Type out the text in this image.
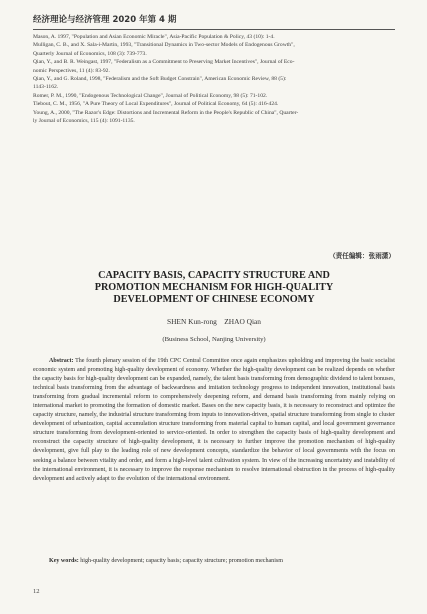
经济理论与经济管理 2020 年第 4 期

Mason, A. 1997, "Population and Asian Economic Miracle", Asia-Pacific Population & Policy, 43 (10): 1-4.

Mulligan, C. B., and X. Sala-i-Martin, 1993, "Transitional Dynamics in Two-sector Models of Endogenous Growth",
Quarterly Journal of Economics, 108 (3): 739-773.

Qian, Y., and B. R. Weingast, 1997, "Federalism as a Commitment to Preserving Market Incentives", Journal of Eco-
nomic Perspectives, 11 (4): 83-92.

Qian, Y., and G. Roland, 1998, "Federalism and the Soft Budget Constrain", American Economic Review, 88 (5):
1143-1162.

Romer, P. M., 1990, "Endogenous Technological Change", Journal of Political Economy, 98 (5): 71-102.

Tiebout, C. M., 1956, "A Pure Theory of Local Expenditures", Journal of Political Economy, 64 (5): 416-424.

Young, A., 2000, "The Razor's Edge: Distortions and Incremental Reform in the People's Republic of China", Quarter-
ly Journal of Economics, 115 (4): 1091-1135.

（责任编辑：张雨潇）
CAPACITY BASIS, CAPACITY STRUCTURE AND
PROMOTION MECHANISM FOR HIGH-QUALITY
DEVELOPMENT OF CHINESE ECONOMY
SHEN Kun-rong    ZHAO Qian
(Business School, Nanjing University)
Abstract: The fourth plenary session of the 19th CPC Central Committee once again emphasizes upholding and improving the basic socialist economic system and promoting high-quality development of economy. Whether the high-quality development can be realized depends on whether the capacity basis for high-quality development can be expanded, namely, the talent basis transforming from demographic dividend to talent bonuses, technical basis transforming from the advantage of backwardness and imitation technology progress to independent innovation, institutional basis transforming from gradual incremental reform to comprehensively deepening reform, and demand basis transforming from mainly relying on international market to promoting the formation of domestic market. Bases on the new capacity basis, it is necessary to reconstruct and optimize the capacity structure, namely, the industrial structure transforming from inputs to innovation-driven, spatial structure transforming from single to cluster development of urbanization, capital accumulation structure transforming from material capital to human capital, and local government governance structure transforming from development-oriented to service-oriented. In order to strengthen the capacity basis of high-quality development and reconstruct the capacity structure of high-quality development, it is necessary to further improve the promotion mechanism of high-quality development, give full play to the leading role of new development concepts, standardize the behavior of local governments with the focus on seeking a balance between vitality and order, and form a high-level talent cultivation system. In view of the increasing uncertainty and instability of the international environment, it is necessary to improve the response mechanism to resolve international obstruction in the process of high-quality development and actively adapt to the evolution of the international environment.
Key words: high-quality development; capacity basis; capacity structure; promotion mechanism
12
